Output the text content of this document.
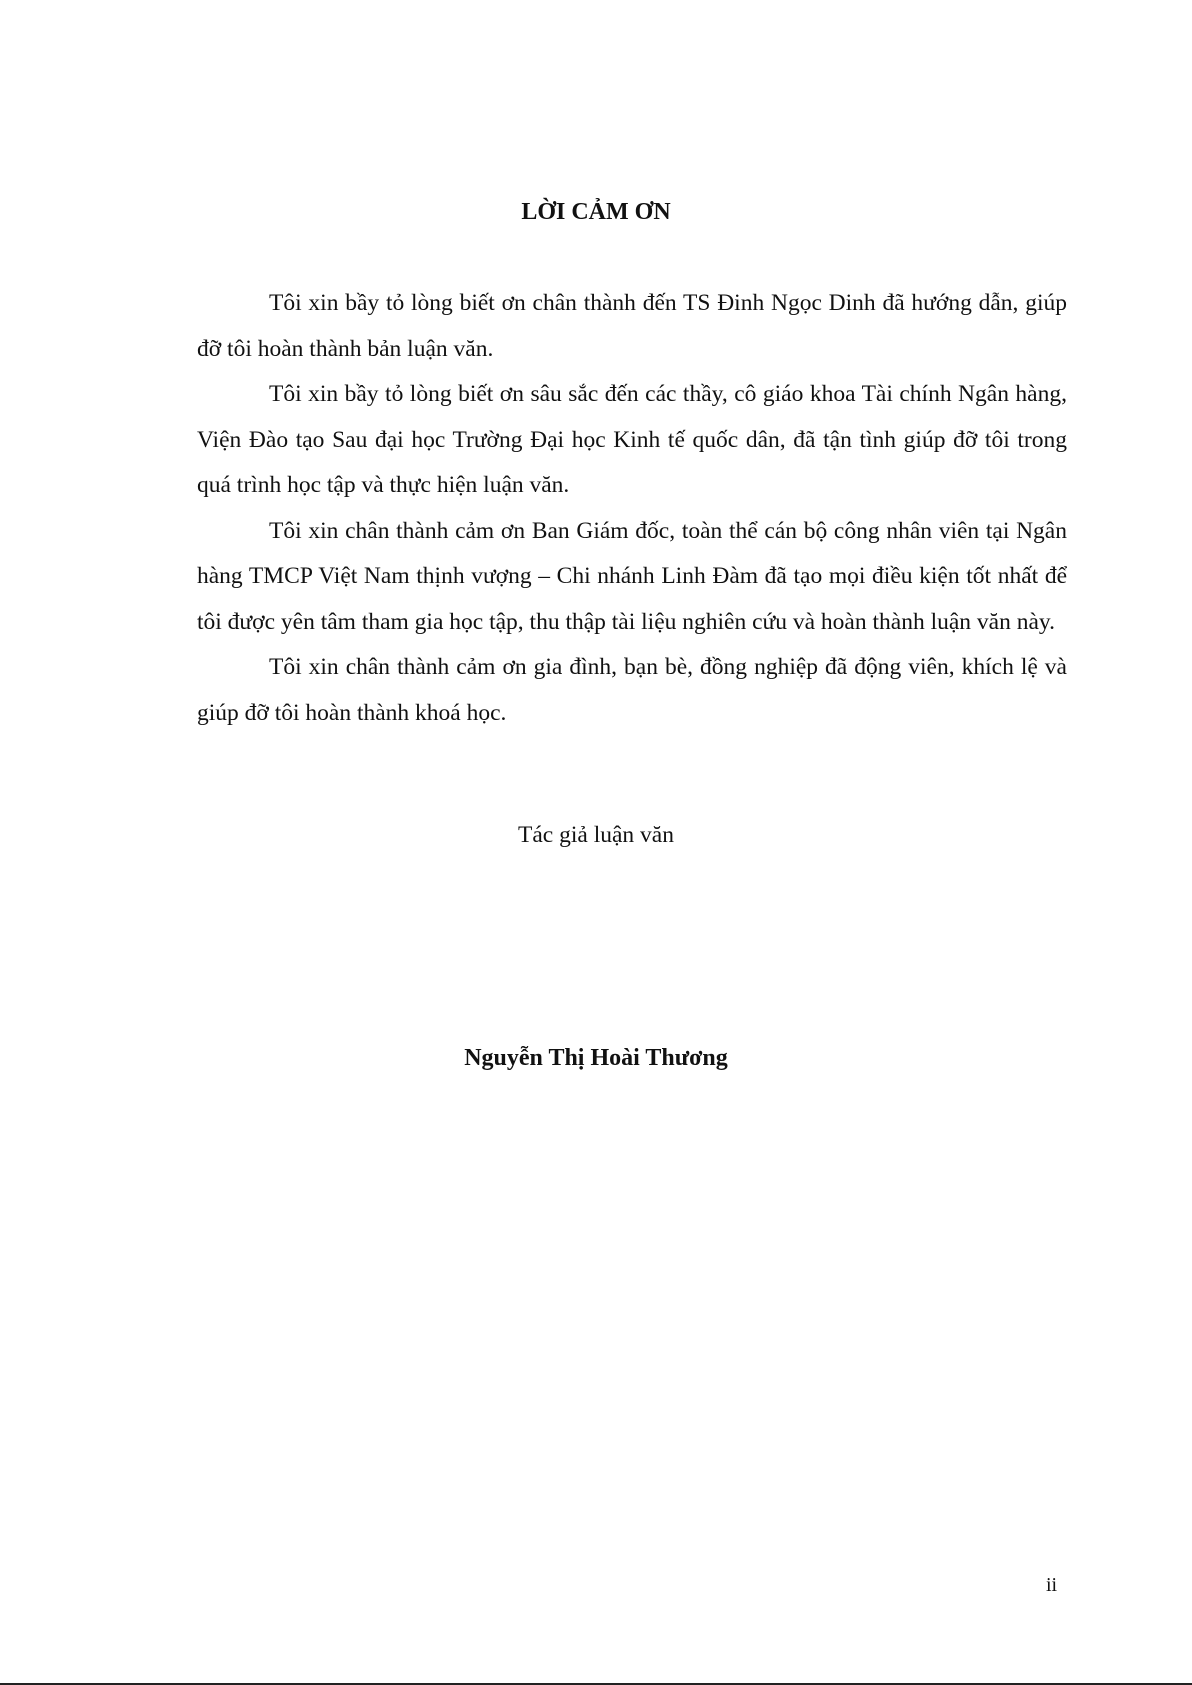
LỜI CẢM ƠN

Tôi xin bầy tỏ lòng biết ơn chân thành đến TS Đinh Ngọc Dinh đã hướng dẫn, giúp đỡ tôi hoàn thành bản luận văn.

Tôi xin bầy tỏ lòng biết ơn sâu sắc đến các thầy, cô giáo khoa Tài chính Ngân hàng, Viện Đào tạo Sau đại học Trường Đại học Kinh tế quốc dân, đã tận tình giúp đỡ tôi trong quá trình học tập và thực hiện luận văn.

Tôi xin chân thành cảm ơn Ban Giám đốc, toàn thể cán bộ công nhân viên tại Ngân hàng TMCP Việt Nam thịnh vượng – Chi nhánh Linh Đàm đã tạo mọi điều kiện tốt nhất để tôi được yên tâm tham gia học tập, thu thập tài liệu nghiên cứu và hoàn thành luận văn này.

Tôi xin chân thành cảm ơn gia đình, bạn bè, đồng nghiệp đã động viên, khích lệ và giúp đỡ tôi hoàn thành khoá học.

Tác giả luận văn
Nguyễn Thị Hoài Thương
ii
